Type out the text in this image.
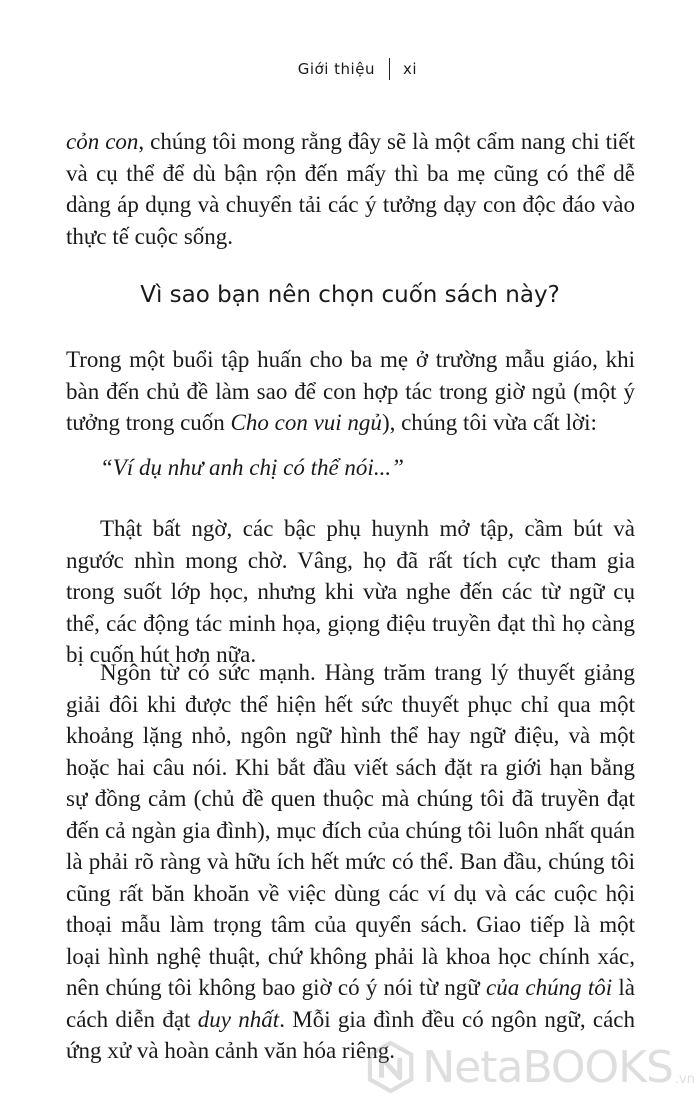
Giới thiệu xi

cỏn con, chúng tôi mong rằng đây sẽ là một cẩm nang chi tiết và cụ thể để dù bận rộn đến mấy thì ba mẹ cũng có thể dễ dàng áp dụng và chuyển tải các ý tưởng dạy con độc đáo vào thực tế cuộc sống.

Vì sao bạn nên chọn cuốn sách này?

Trong một buổi tập huấn cho ba mẹ ở trường mẫu giáo, khi bàn đến chủ đề làm sao để con hợp tác trong giờ ngủ (một ý tưởng trong cuốn Cho con vui ngủ), chúng tôi vừa cất lời:

“Ví dụ như anh chị có thể nói...”

Thật bất ngờ, các bậc phụ huynh mở tập, cầm bút và ngước nhìn mong chờ. Vâng, họ đã rất tích cực tham gia trong suốt lớp học, nhưng khi vừa nghe đến các từ ngữ cụ thể, các động tác minh họa, giọng điệu truyền đạt thì họ càng bị cuốn hút hơn nữa.

Ngôn từ có sức mạnh. Hàng trăm trang lý thuyết giảng giải đôi khi được thể hiện hết sức thuyết phục chỉ qua một khoảng lặng nhỏ, ngôn ngữ hình thể hay ngữ điệu, và một hoặc hai câu nói. Khi bắt đầu viết sách đặt ra giới hạn bằng sự đồng cảm (chủ đề quen thuộc mà chúng tôi đã truyền đạt đến cả ngàn gia đình), mục đích của chúng tôi luôn nhất quán là phải rõ ràng và hữu ích hết mức có thể. Ban đầu, chúng tôi cũng rất băn khoăn về việc dùng các ví dụ và các cuộc hội thoại mẫu làm trọng tâm của quyển sách. Giao tiếp là một loại hình nghệ thuật, chứ không phải là khoa học chính xác, nên chúng tôi không bao giờ có ý nói từ ngữ của chúng tôi là cách diễn đạt duy nhất. Mỗi gia đình đều có ngôn ngữ, cách ứng xử và hoàn cảnh văn hóa riêng. NetaBOOKS .vn
